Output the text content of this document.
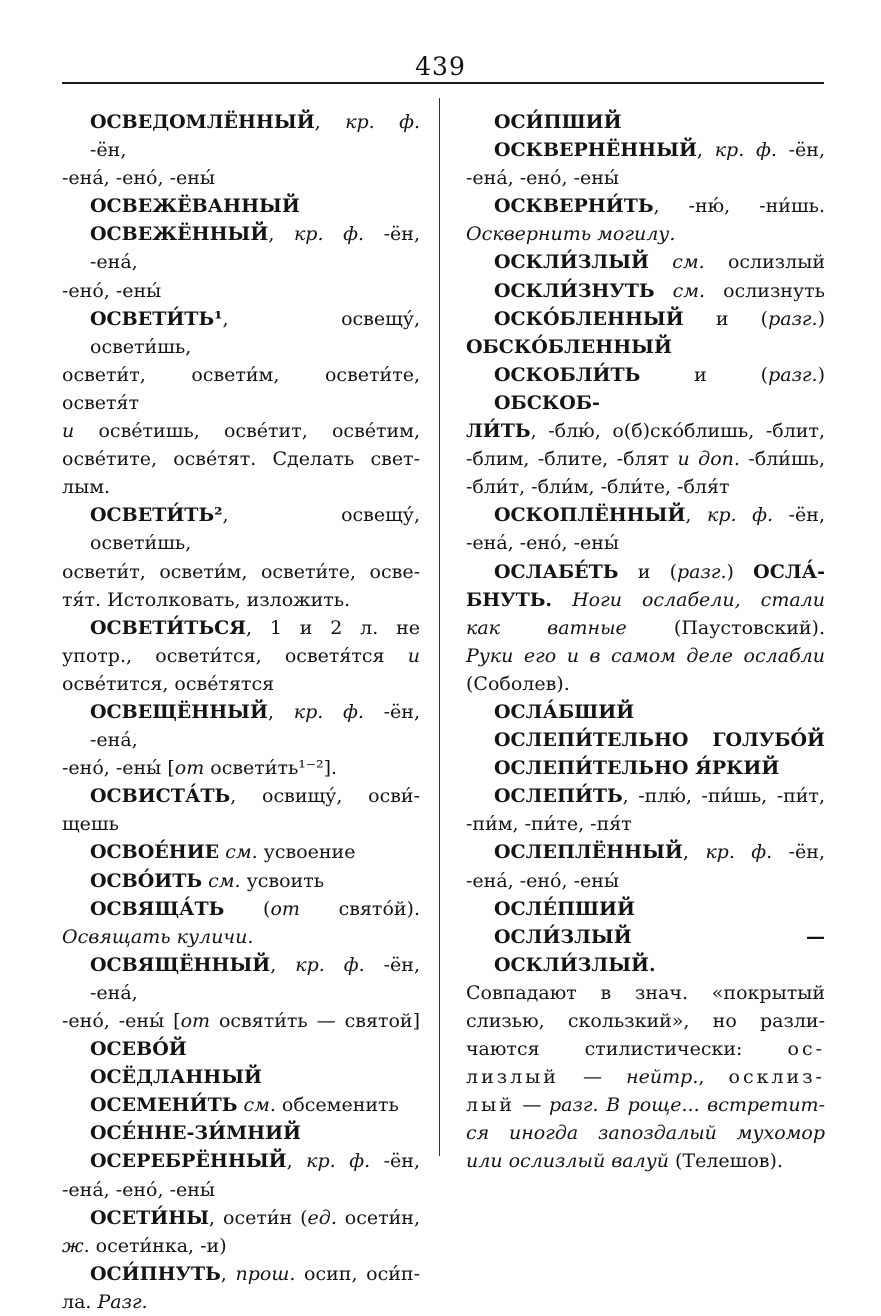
439
ОСВЕДОМЛЁННЫЙ, кр. ф. -ён,
-ена́, -ено́, -ены́
ОСВЕЖЁВАННЫЙ
ОСВЕЖЁННЫЙ, кр. ф. -ён, -ена́,
-ено́, -ены́
ОСВЕТИ́ТЬ¹, освещу́, освети́шь,
освети́т, освети́м, освети́те, осветя́т
и осве́тишь, осве́тит, осве́тим,
осве́тите, осве́тят. Сделать свет-
лым.
ОСВЕТИ́ТЬ², освещу́, освети́шь,
освети́т, освети́м, освети́те, осве-
тя́т. Истолковать, изложить.
ОСВЕТИ́ТЬСЯ, 1 и 2 л. не
употр., освети́тся, осветя́тся и
осве́тится, осве́тятся
ОСВЕЩЁННЫЙ, кр. ф. -ён, -ена́,
-ено́, -ены́ [от освети́ть¹⁻²].
ОСВИСТА́ТЬ, освищу́, осви́-
щешь
ОСВОЕ́НИЕ см. усвоение
ОСВО́ИТЬ см. усвоить
ОСВЯЩА́ТЬ (от свято́й).
Освящать куличи.
ОСВЯЩЁННЫЙ, кр. ф. -ён, -ена́,
-ено́, -ены́ [от освяти́ть — святой]
ОСЕВО́Й
ОСЁДЛАННЫЙ
ОСЕМЕНИ́ТЬ см. обсеменить
ОСЕ́ННЕ-ЗИ́МНИЙ
ОСЕРЕБРЁННЫЙ, кр. ф. -ён,
-ена́, -ено́, -ены́
ОСЕТИ́НЫ, осети́н (ед. осети́н,
ж. осети́нка, -и)
ОСИ́ПНУТЬ, прош. осип, оси́п-
ла. Разг.
ОСИ́ПШИЙ
ОСКВЕРНЁННЫЙ, кр. ф. -ён,
-ена́, -ено́, -ены́
ОСКВЕРНИ́ТЬ, -ню́, -ни́шь.
Осквернить могилу.
ОСКЛИ́ЗЛЫЙ см. ослизлый
ОСКЛИ́ЗНУТЬ см. ослизнуть
ОСКО́БЛЕННЫЙ и (разг.)
ОБСКО́БЛЕННЫЙ
ОСКОБЛИ́ТЬ и (разг.) ОБСКОБ-
ЛИ́ТЬ, -блю́, о(б)ско́блишь, -блит,
-блим, -блите, -блят и доп. -бли́шь,
-бли́т, -бли́м, -бли́те, -бля́т
ОСКОПЛЁННЫЙ, кр. ф. -ён,
-ена́, -ено́, -ены́
ОСЛАБЕ́ТЬ и (разг.) ОСЛА́-
БНУТЬ. Ноги ослабели, стали
как ватные (Паустовский).
Руки его и в самом деле ослабли
(Соболев).
ОСЛА́БШИЙ
ОСЛЕПИ́ТЕЛЬНО ГОЛУБО́Й
ОСЛЕПИ́ТЕЛЬНО Я́РКИЙ
ОСЛЕПИ́ТЬ, -плю́, -пи́шь, -пи́т,
-пи́м, -пи́те, -пя́т
ОСЛЕПЛЁННЫЙ, кр. ф. -ён,
-ена́, -ено́, -ены́
ОСЛЕ́ПШИЙ
ОСЛИ́ЗЛЫЙ — ОСКЛИ́ЗЛЫЙ.
Совпадают в знач. «покрытый
слизью, скользкий», но разли-
чаются стилистически: ос-
лизлый — нейтр., осклиз-
лый — разг. В роще... встретит-
ся иногда запоздалый мухомор
или ослизлый валуй (Телешов).
